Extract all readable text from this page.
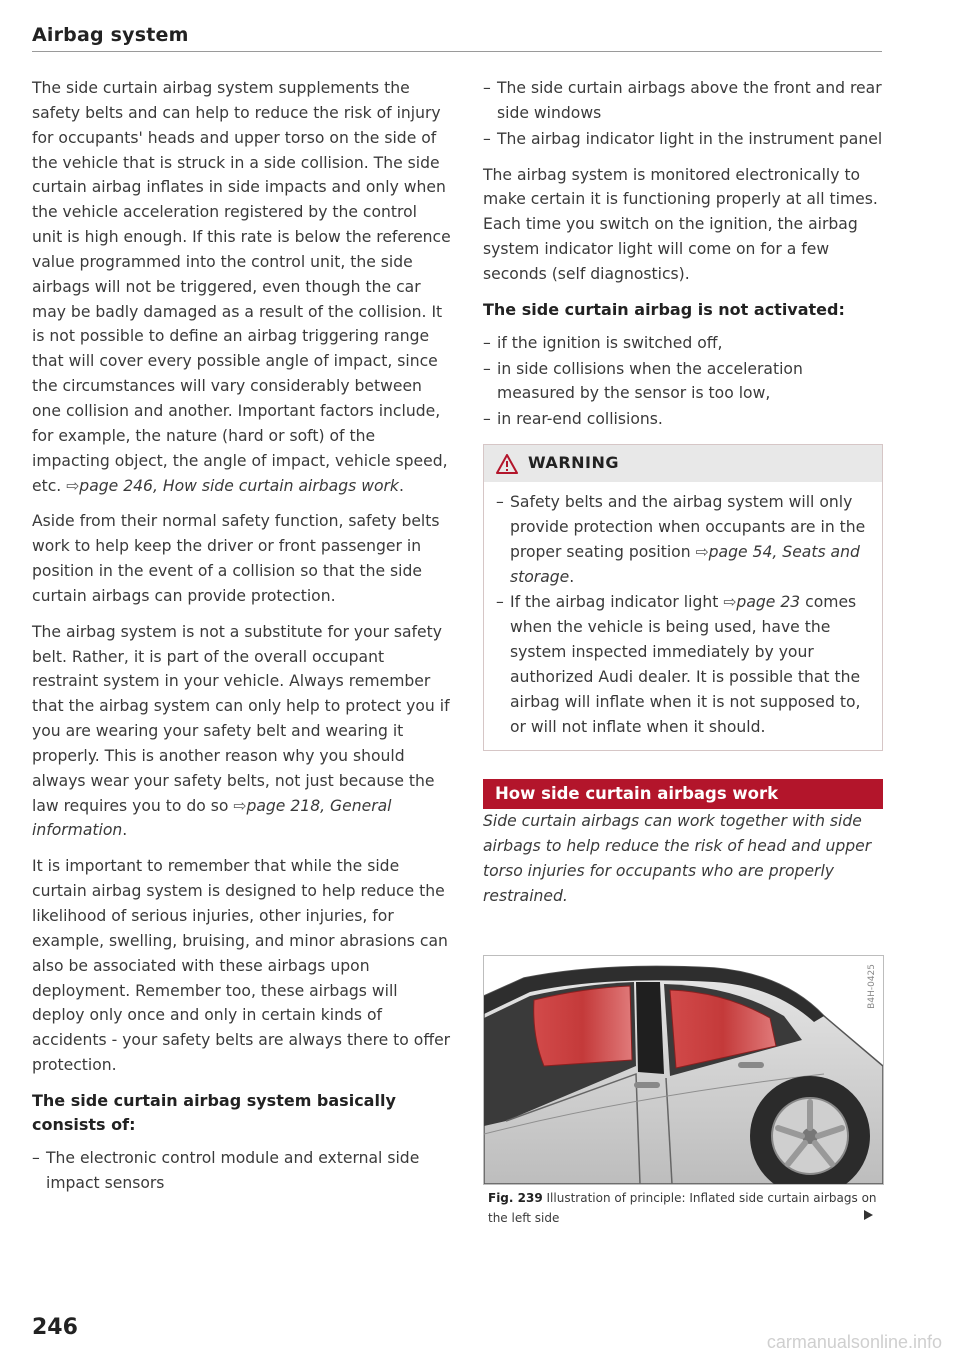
Airbag system

The side curtain airbag system supplements the safety belts and can help to reduce the risk of injury for occupants' heads and upper torso on the side of the vehicle that is struck in a side collision. The side curtain airbag inflates in side impacts and only when the vehicle acceleration registered by the control unit is high enough. If this rate is below the reference value programmed into the control unit, the side airbags will not be triggered, even though the car may be badly damaged as a result of the collision. It is not possible to define an airbag triggering range that will cover every possible angle of impact, since the circumstances will vary considerably between one collision and another. Important factors include, for example, the nature (hard or soft) of the impacting object, the angle of impact, vehicle speed, etc. ⇨page 246, How side curtain airbags work.

Aside from their normal safety function, safety belts work to help keep the driver or front passenger in position in the event of a collision so that the side curtain airbags can provide protection.

The airbag system is not a substitute for your safety belt. Rather, it is part of the overall occupant restraint system in your vehicle. Always remember that the airbag system can only help to protect you if you are wearing your safety belt and wearing it properly. This is another reason why you should always wear your safety belts, not just because the law requires you to do so ⇨page 218, General information.

It is important to remember that while the side curtain airbag system is designed to help reduce the likelihood of serious injuries, other injuries, for example, swelling, bruising, and minor abrasions can also be associated with these airbags upon deployment. Remember too, these airbags will deploy only once and only in certain kinds of accidents - your safety belts are always there to offer protection.

The side curtain airbag system basically consists of:
– The electronic control module and external side impact sensors
– The side curtain airbags above the front and rear side windows
– The airbag indicator light in the instrument panel

The airbag system is monitored electronically to make certain it is functioning properly at all times. Each time you switch on the ignition, the airbag system indicator light will come on for a few seconds (self diagnostics).

The side curtain airbag is not activated:
– if the ignition is switched off,
– in side collisions when the acceleration measured by the sensor is too low,
– in rear-end collisions.
WARNING
– Safety belts and the airbag system will only provide protection when occupants are in the proper seating position ⇨page 54, Seats and storage.
– If the airbag indicator light ⇨page 23 comes when the vehicle is being used, have the system inspected immediately by your authorized Audi dealer. It is possible that the airbag will inflate when it is not supposed to, or will not inflate when it should.
How side curtain airbags work

Side curtain airbags can work together with side airbags to help reduce the risk of head and upper torso injuries for occupants who are properly restrained.

B4H-0425
Fig. 239 Illustration of principle: Inflated side curtain airbags on the left side
246
carmanualsonline.info
